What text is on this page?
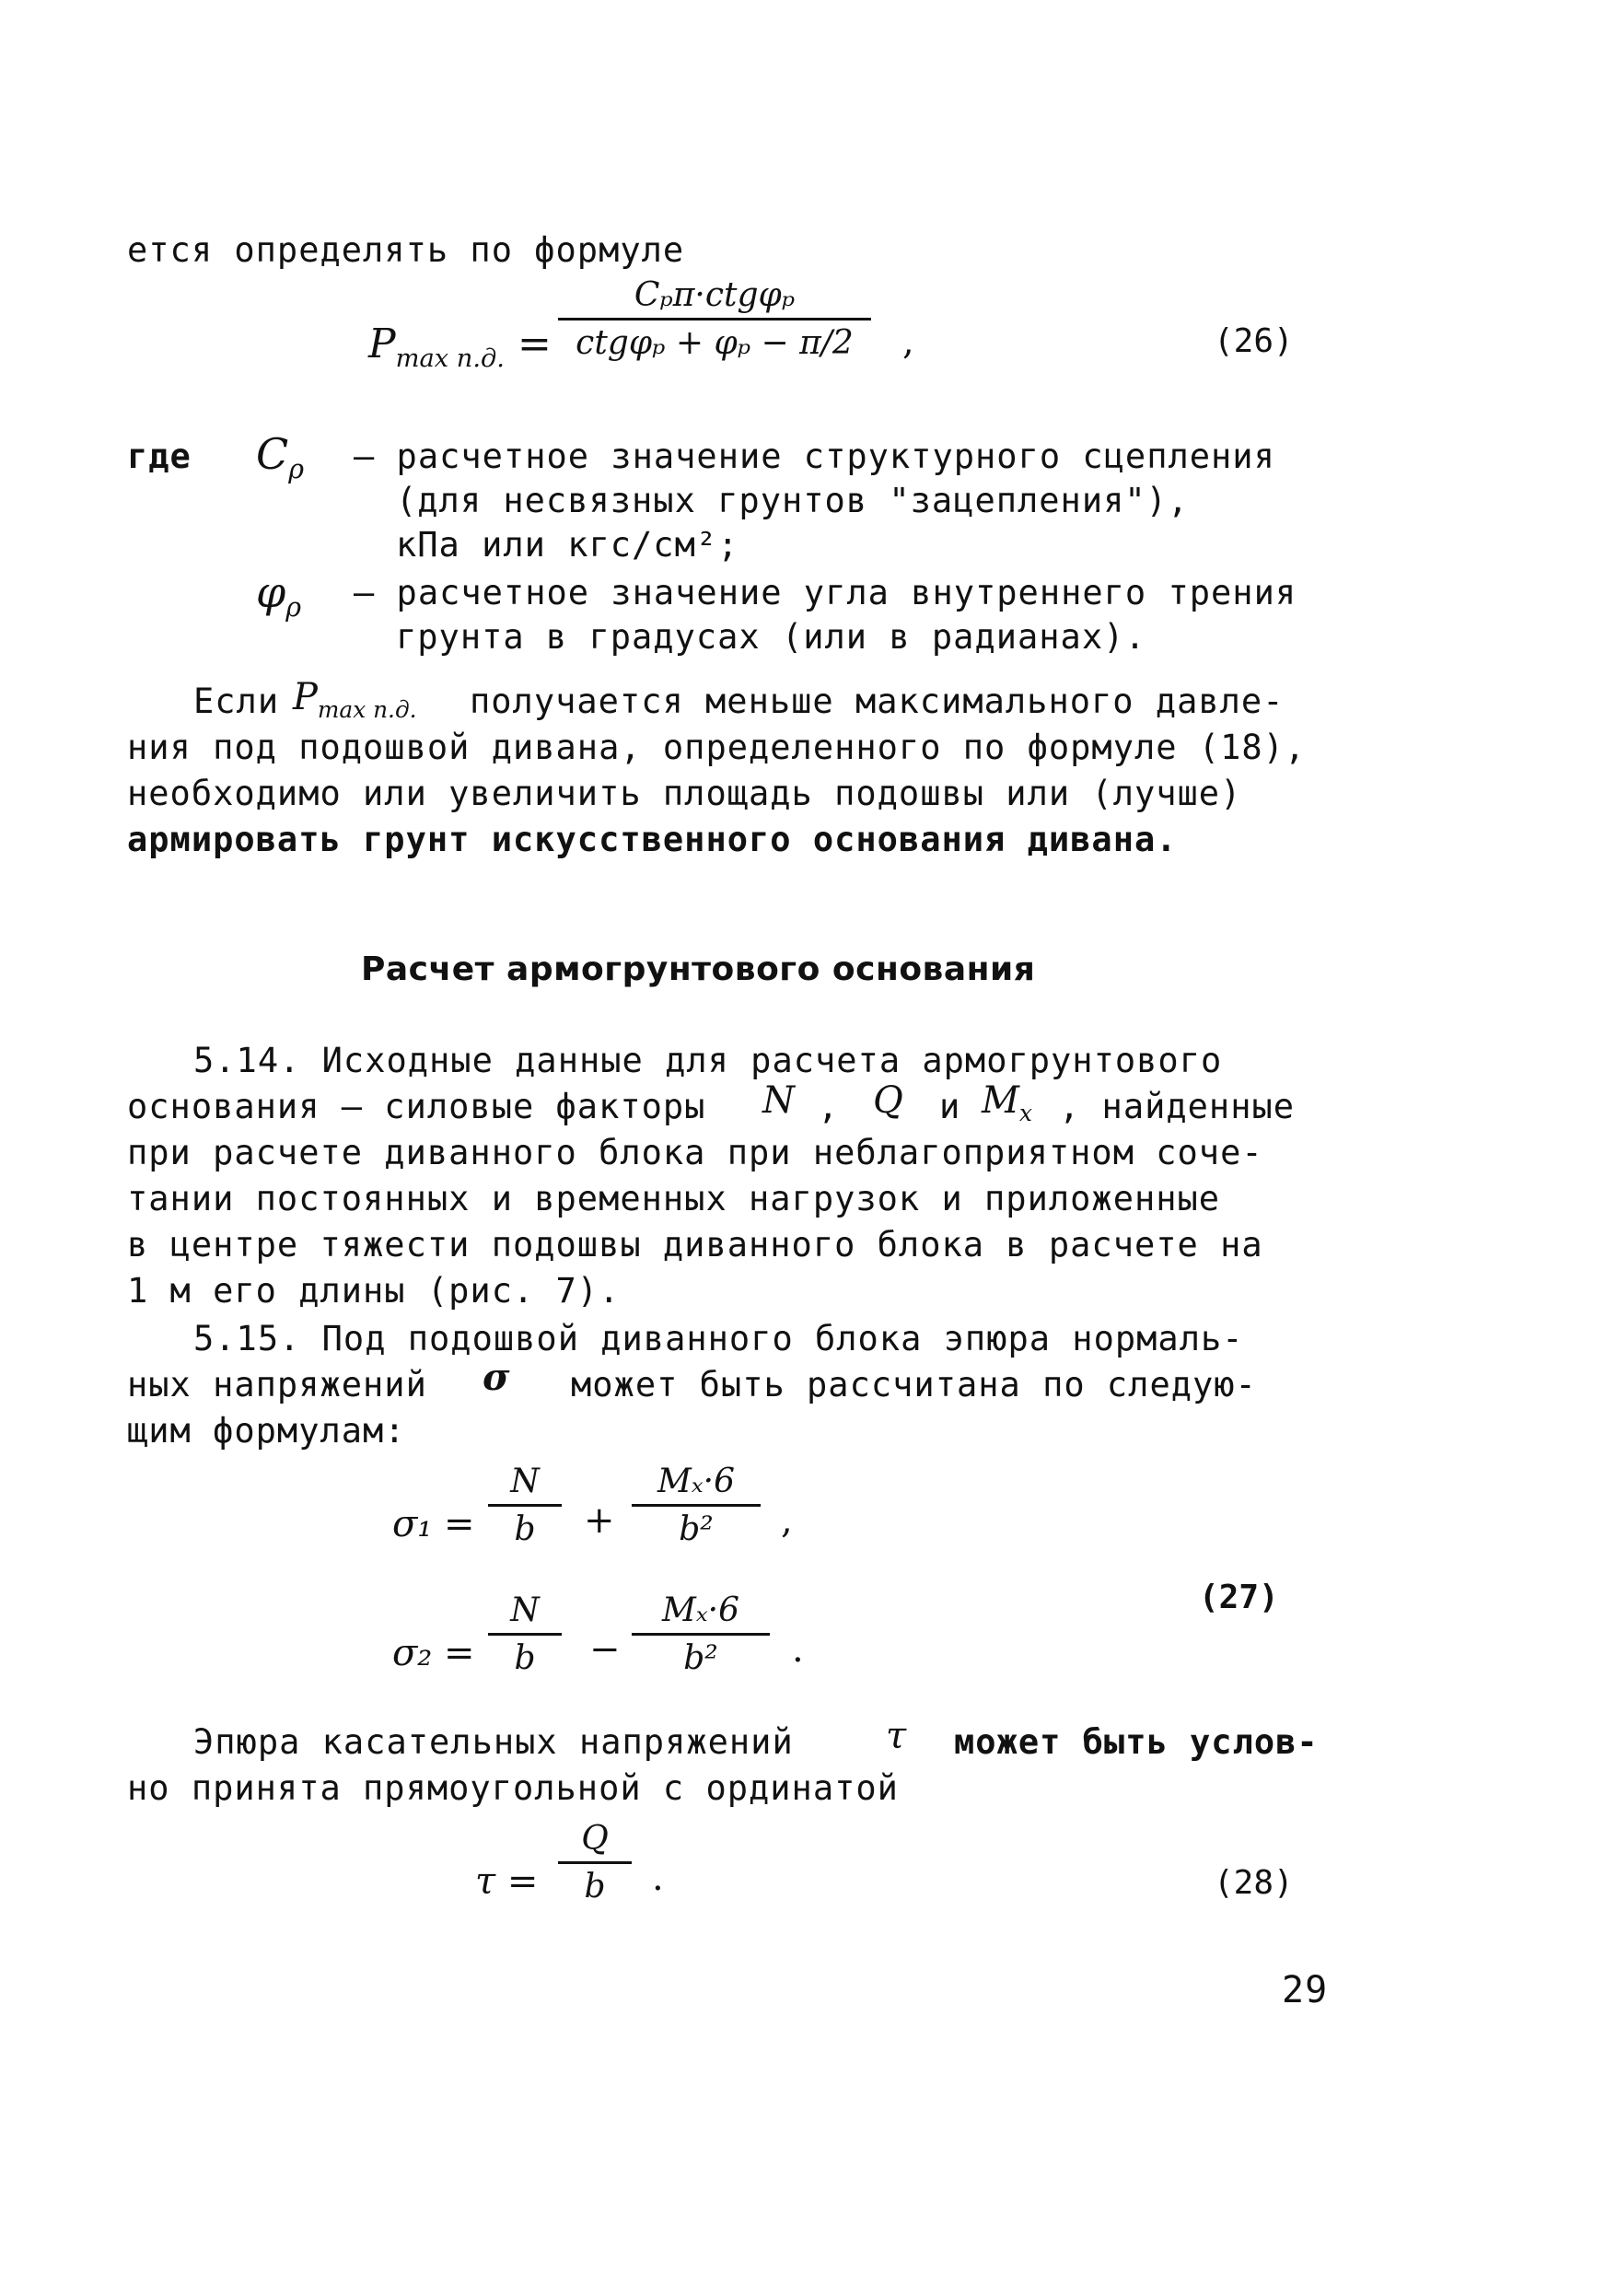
ется определять по формуле
$P_{max п.д.}$ =
Cₚπ·ctgφₚ
ctgφₚ + φₚ − π/2 ,	(26)
где $C_\rho$ – расчетное значение структурного сцепления
(для несвязных грунтов "зацепления"),
кПа или кгс/см²;
$\varphi_\rho$ – расчетное значение угла внутреннего трения
грунта в градусах (или в радианах).
Если $P_{max п.д.}$ получается меньше максимального давле-
ния под подошвой дивана, определенного по формуле (18),
необходимо или увеличить площадь подошвы или (лучше)
армировать грунт искусственного основания дивана.
Расчет армогрунтового основания
5.14. Исходные данные для расчета армогрунтового
основания – силовые факторы N , Q и $M_x$ , найденные
при расчете диванного блока при неблагоприятном соче-
тании постоянных и временных нагрузок и приложенные
в центре тяжести подошвы диванного блока в расчете на
1 м его длины (рис. 7).
5.15. Под подошвой диванного блока эпюра нормаль-
ных напряжений σ может быть рассчитана по следую-
щим формулам:
σ₁ =
N
b +
Mₓ·6
b² ,
σ₂ =
N
b −
Mₓ·6
b² .
(27)
Эпюра касательных напряжений	τ может быть услов-
но принята прямоугольной с ординатой
τ =
Q
b .	(28)
29
